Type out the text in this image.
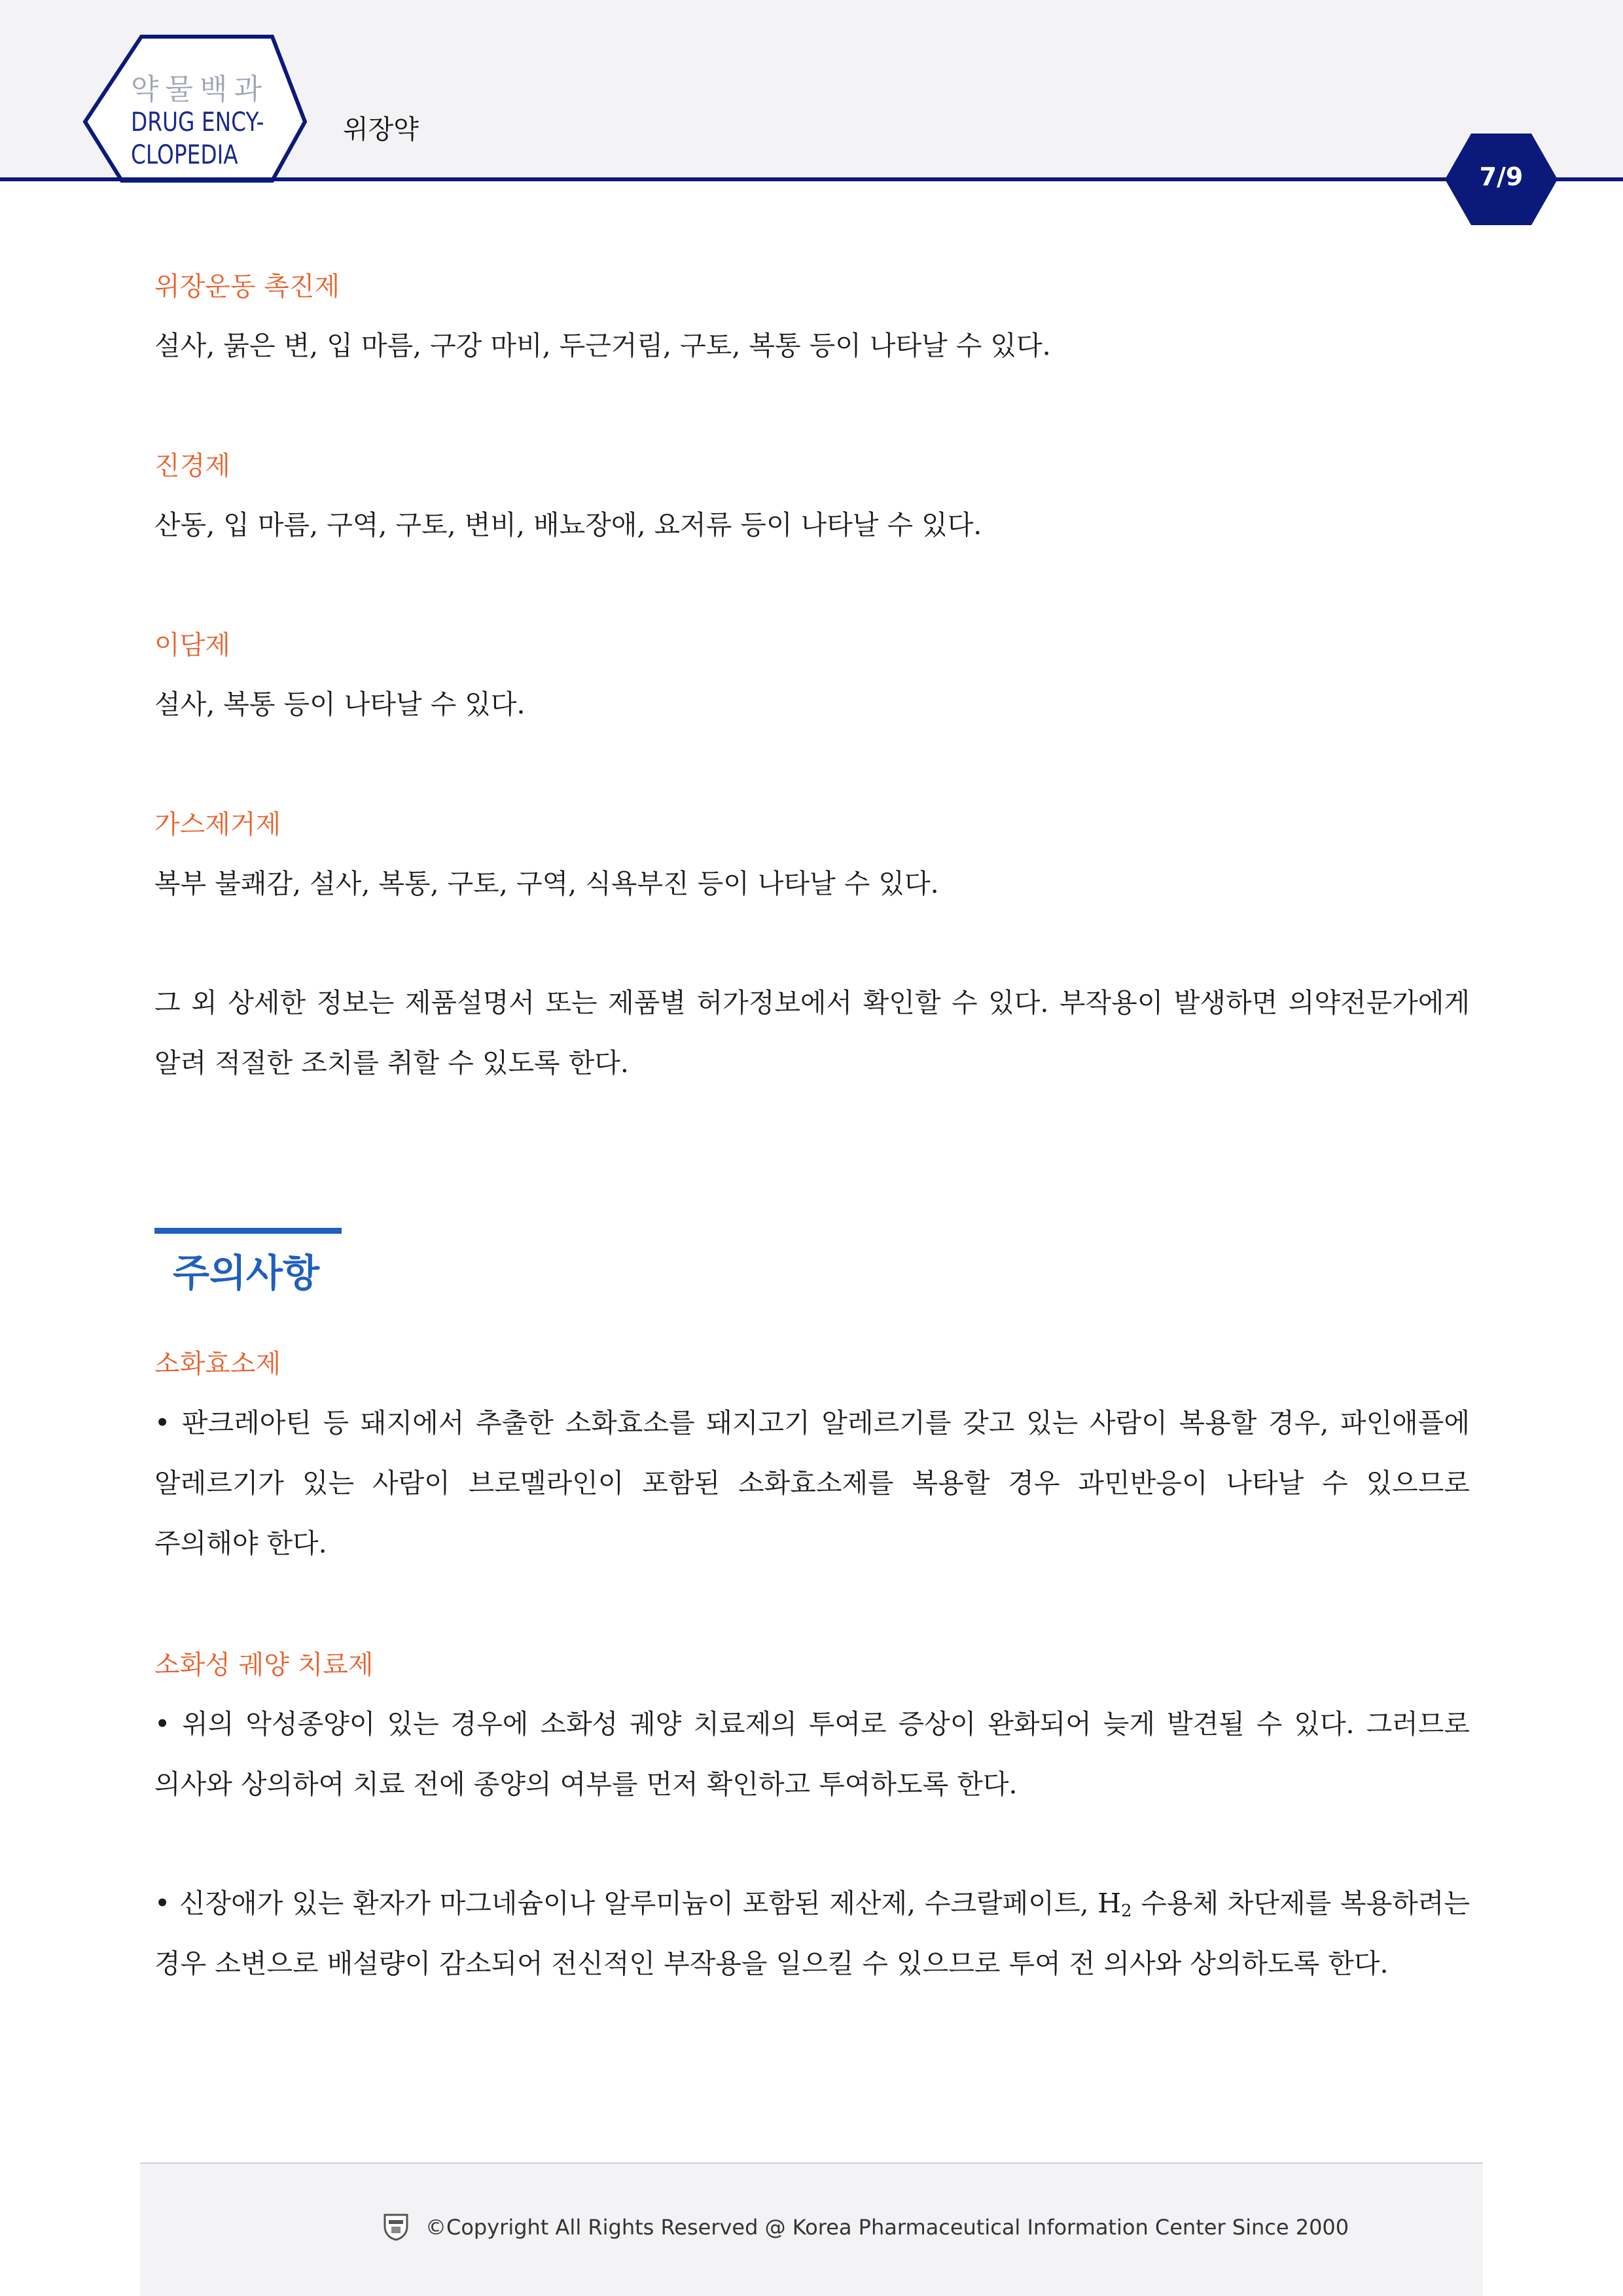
약물백과
DRUG ENCY-
CLOPEDIA
위장약
7/9
위장운동 촉진제
설사, 묽은 변, 입 마름, 구강 마비, 두근거림, 구토, 복통 등이 나타날 수 있다.
진경제
산동, 입 마름, 구역, 구토, 변비, 배뇨장애, 요저류 등이 나타날 수 있다.
이담제
설사, 복통 등이 나타날 수 있다.
가스제거제
복부 불쾌감, 설사, 복통, 구토, 구역, 식욕부진 등이 나타날 수 있다.
그 외 상세한 정보는 제품설명서 또는 제품별 허가정보에서 확인할 수 있다. 부작용이 발생하면 의약전문가에게 알려 적절한 조치를 취할 수 있도록 한다.
주의사항
소화효소제
• 판크레아틴 등 돼지에서 추출한 소화효소를 돼지고기 알레르기를 갖고 있는 사람이 복용할 경우, 파인애플에 알레르기가 있는 사람이 브로멜라인이 포함된 소화효소제를 복용할 경우 과민반응이 나타날 수 있으므로 주의해야 한다.
소화성 궤양 치료제
• 위의 악성종양이 있는 경우에 소화성 궤양 치료제의 투여로 증상이 완화되어 늦게 발견될 수 있다. 그러므로 의사와 상의하여 치료 전에 종양의 여부를 먼저 확인하고 투여하도록 한다.
• 신장애가 있는 환자가 마그네슘이나 알루미늄이 포함된 제산제, 수크랄페이트, $H_2$ 수용체 차단제를 복용하려는 경우 소변으로 배설량이 감소되어 전신적인 부작용을 일으킬 수 있으므로 투여 전 의사와 상의하도록 한다.
©Copyright All Rights Reserved @ Korea Pharmaceutical Information Center Since 2000
